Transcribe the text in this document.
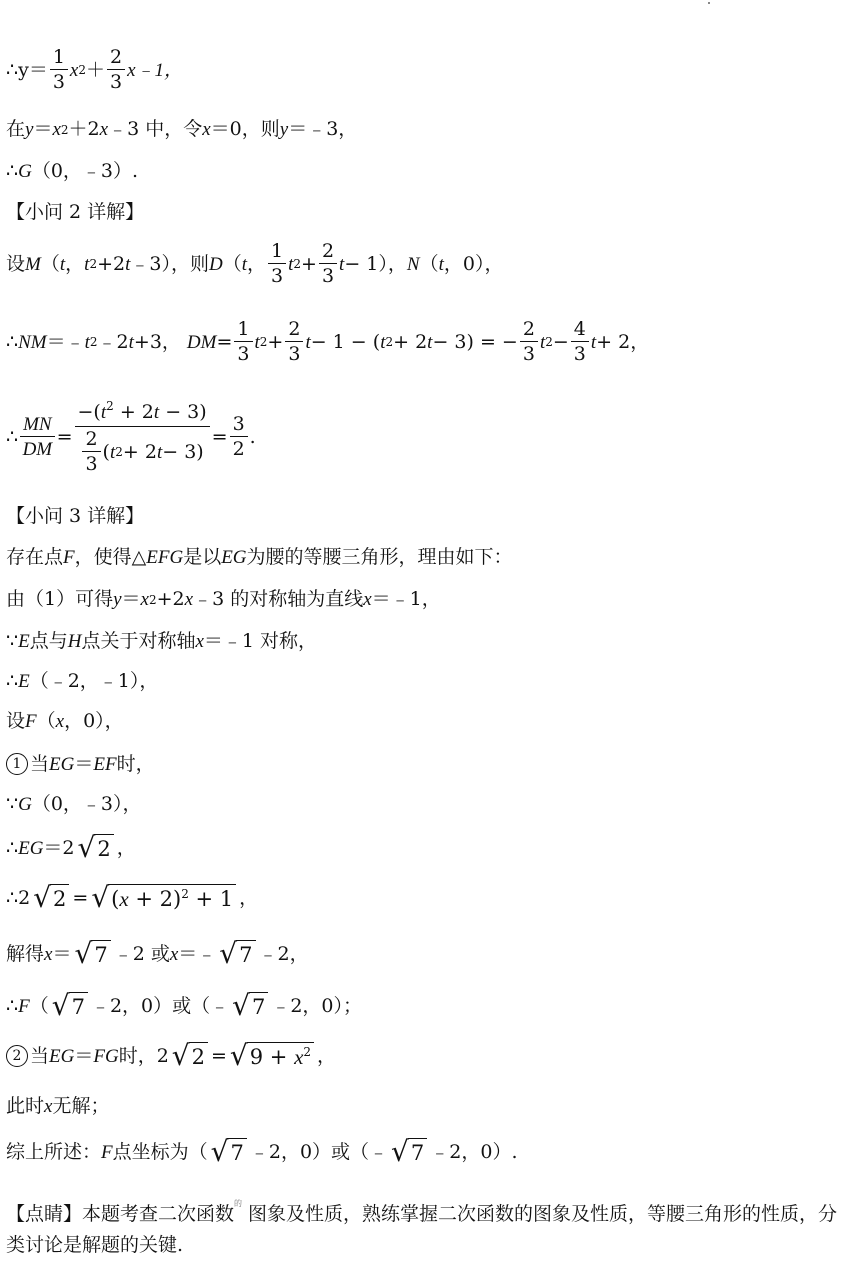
∴y＝ $\frac{1}{3}$ x $2 + \frac{2}{3}$ x﹣1，
在 y ＝ x 2 ＋2 x ﹣3 中，令 x ＝0，则 y ＝﹣3，
∴ G （0，﹣3）.
【小问 2 详解】
设 M （ t ， t 2 +2 t ﹣3），则 D （ t ， $\frac{1}{3}$ t $2 + \frac{2}{3}$ t − 1）， N （ t ，0），
∴ NM ＝﹣ t 2 ﹣2 t +3， DM = $\frac{1}{3}$ t $2 + \frac{2}{3}$ t − 1 − ( t 2 + 2 t − 3) = − $\frac{2}{3}$ t $2 - \frac{4}{3}$ t + 2，
∴ $\frac{MN}{DM} = \frac{-(t^2 + 2t - 3)}{\frac{2}{3} ( t 2 + 2 t - 3)} = \frac{3}{2}$ .
【小问 3 详解】
存在点 F ，使得△ EFG 是以 EG 为腰的等腰三角形，理由如下：
由（1）可得 y ＝ x 2 +2 x ﹣3 的对称轴为直线 x ＝﹣1，
∵ E 点与 H 点关于对称轴 x ＝﹣1 对称，
∴ E （﹣2，﹣1），
设 F （ x ，0），
1 当 EG ＝ EF 时，
∵ G （0，﹣3），
∴ EG ＝2 √ 2 ，
∴2 √ 2 = √ $(x + 2)^2 + 1$ ，
解得 x ＝ √ 7 ﹣2 或 x ＝﹣ √ 7 ﹣2，
∴ F （ √ 7 ﹣2，0）或（﹣ √ 7 ﹣2，0）；
2 当 EG ＝ FG 时，2 √ 2 = √ $9 + x^2$ ，
此时 x 无解；
综上所述： F 点坐标为（ √ 7 ﹣2，0）或（﹣ √ 7 ﹣2，0）.
【点睛】本题考查二次函数$^的$ 图象及性质，熟练掌握二次函数的图象及性质，等腰三角形的性质，分类讨论是解题的关键.
